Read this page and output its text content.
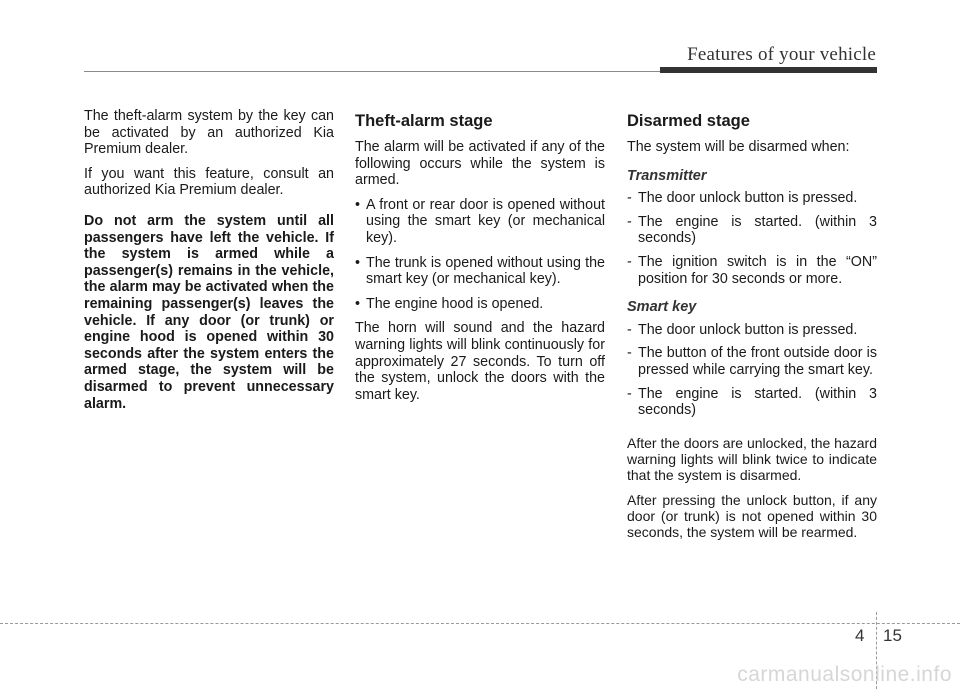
Features of your vehicle

The theft-alarm system by the key can be activated by an authorized Kia Premium dealer.

If you want this feature, consult an authorized Kia Premium dealer.

Do not arm the system until all passengers have left the vehicle. If the system is armed while a passenger(s) remains in the vehicle, the alarm may be activated when the remaining passenger(s) leaves the vehicle. If any door (or trunk) or engine hood is opened within 30 seconds after the system enters the armed stage, the system will be disarmed to prevent unnecessary alarm.

Theft-alarm stage

The alarm will be activated if any of the following occurs while the system is armed.

• A front or rear door is opened without using the smart key (or mechanical key).
• The trunk is opened without using the smart key (or mechanical key).
• The engine hood is opened.

The horn will sound and the hazard warning lights will blink continuously for approximately 27 seconds. To turn off the system, unlock the doors with the smart key.

Disarmed stage

The system will be disarmed when:

Transmitter
- The door unlock button is pressed.
- The engine is started. (within 3 seconds)
- The ignition switch is in the “ON” position for 30 seconds or more.
Smart key
- The door unlock button is pressed.
- The button of the front outside door is pressed while carrying the smart key.
- The engine is started. (within 3 seconds)

After the doors are unlocked, the hazard warning lights will blink twice to indicate that the system is disarmed.

After pressing the unlock button, if any door (or trunk) is not opened within 30 seconds, the system will be rearmed.

4 15
carmanualsonline.info
